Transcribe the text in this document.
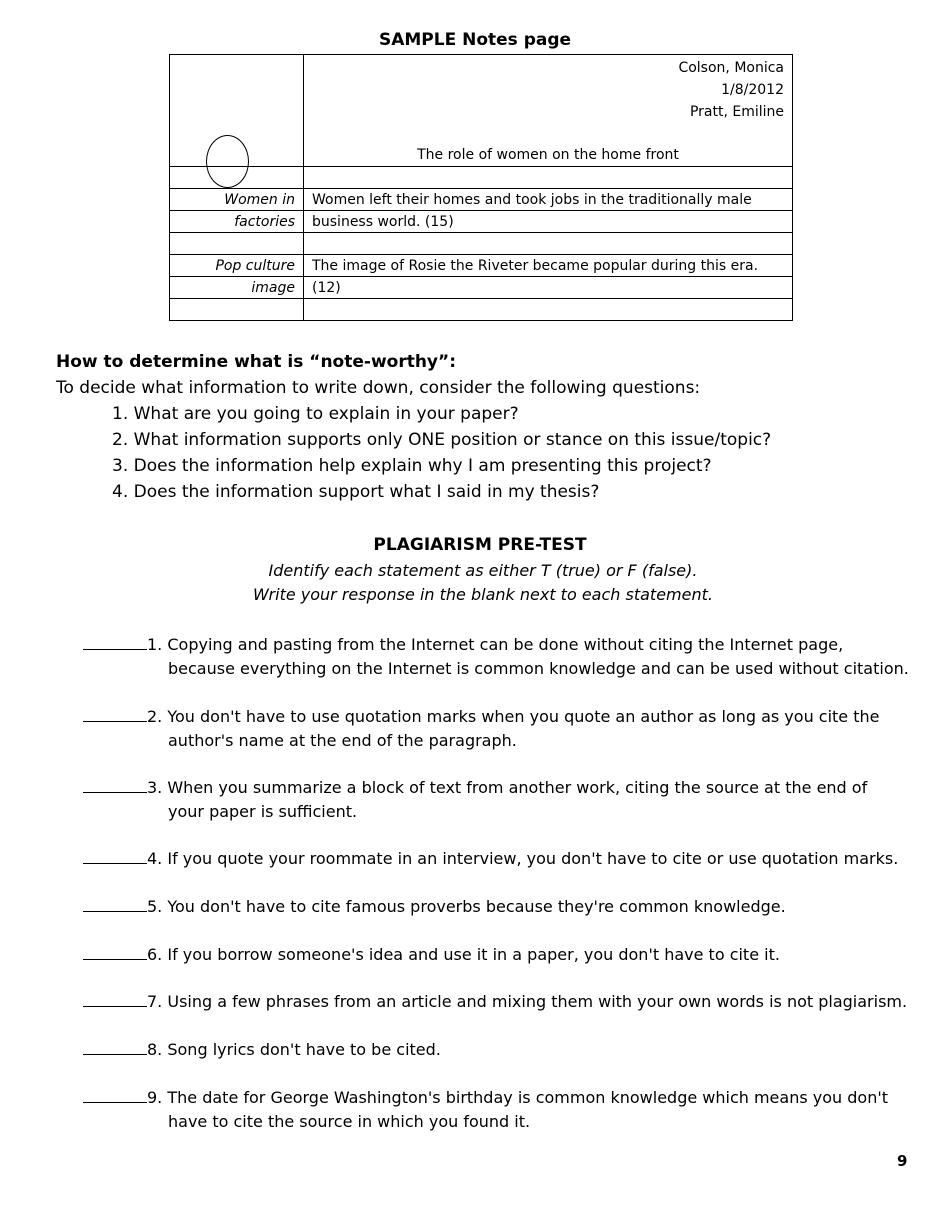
SAMPLE Notes page

	Colson, Monica
1/8/2012
Pratt, Emiline
The role of women on the home front

Women in	Women left their homes and took jobs in the traditionally male
factories	business world. (15)

Pop culture	The image of Rosie the Riveter became popular during this era.
image	(12)

How to determine what is “note-worthy”:
To decide what information to write down, consider the following questions:
1. What are you going to explain in your paper?
2. What information supports only ONE position or stance on this issue/topic?
3. Does the information help explain why I am presenting this project?
4. Does the information support what I said in my thesis?
PLAGIARISM PRE-TEST
Identify each statement as either T (true) or F (false).
Write your response in the blank next to each statement.
1. Copying and pasting from the Internet can be done without citing the Internet page,
because everything on the Internet is common knowledge and can be used without citation.
2. You don't have to use quotation marks when you quote an author as long as you cite the
author's name at the end of the paragraph.
3. When you summarize a block of text from another work, citing the source at the end of
your paper is sufficient.
4. If you quote your roommate in an interview, you don't have to cite or use quotation marks.
5. You don't have to cite famous proverbs because they're common knowledge.
6. If you borrow someone's idea and use it in a paper, you don't have to cite it.
7. Using a few phrases from an article and mixing them with your own words is not plagiarism.
8. Song lyrics don't have to be cited.
9. The date for George Washington's birthday is common knowledge which means you don't
have to cite the source in which you found it.
9
